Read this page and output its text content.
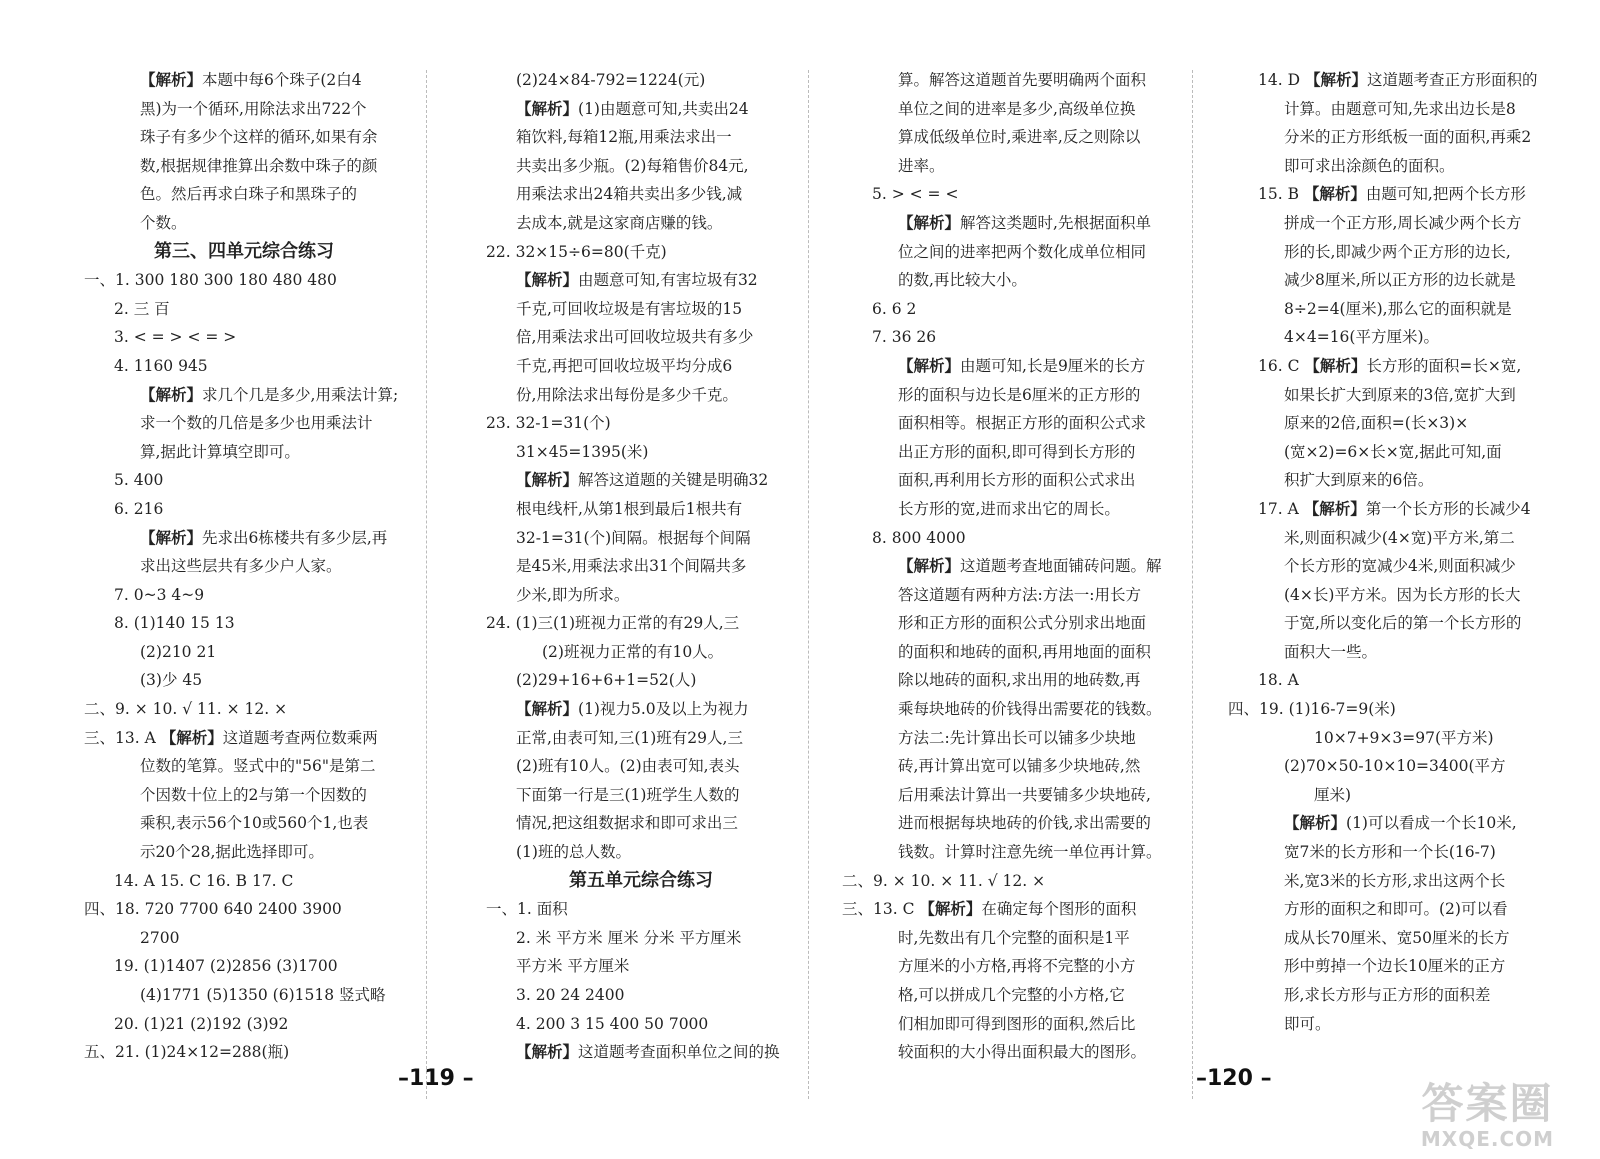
【解析】本题中每6个珠子(2白4
黑)为一个循环,用除法求出722个
珠子有多少个这样的循环,如果有余
数,根据规律推算出余数中珠子的颜
色。然后再求白珠子和黑珠子的
个数。
第三、四单元综合练习
一、1. 300 180 300 180 480 480
2. 三 百
3. < = > < = >
4. 1160 945
【解析】求几个几是多少,用乘法计算;
求一个数的几倍是多少也用乘法计
算,据此计算填空即可。
5. 400
6. 216
【解析】先求出6栋楼共有多少层,再
求出这些层共有多少户人家。
7. 0~3 4~9
8. (1)140 15 13
(2)210 21
(3)少 45
二、9. × 10. √ 11. × 12. ×
三、13. A 【解析】这道题考查两位数乘两
位数的笔算。竖式中的"56"是第二
个因数十位上的2与第一个因数的
乘积,表示56个10或560个1,也表
示20个28,据此选择即可。
14. A 15. C 16. B 17. C
四、18. 720 7700 640 2400 3900
2700
19. (1)1407 (2)2856 (3)1700
(4)1771 (5)1350 (6)1518 竖式略
20. (1)21 (2)192 (3)92
五、21. (1)24×12=288(瓶)
(2)24×84-792=1224(元)
【解析】(1)由题意可知,共卖出24
箱饮料,每箱12瓶,用乘法求出一
共卖出多少瓶。(2)每箱售价84元,
用乘法求出24箱共卖出多少钱,减
去成本,就是这家商店赚的钱。
22. 32×15÷6=80(千克)
【解析】由题意可知,有害垃圾有32
千克,可回收垃圾是有害垃圾的15
倍,用乘法求出可回收垃圾共有多少
千克,再把可回收垃圾平均分成6
份,用除法求出每份是多少千克。
23. 32-1=31(个)
31×45=1395(米)
【解析】解答这道题的关键是明确32
根电线杆,从第1根到最后1根共有
32-1=31(个)间隔。根据每个间隔
是45米,用乘法求出31个间隔共多
少米,即为所求。
24. (1)三(1)班视力正常的有29人,三
(2)班视力正常的有10人。
(2)29+16+6+1=52(人)
【解析】(1)视力5.0及以上为视力
正常,由表可知,三(1)班有29人,三
(2)班有10人。(2)由表可知,表头
下面第一行是三(1)班学生人数的
情况,把这组数据求和即可求出三
(1)班的总人数。
第五单元综合练习
一、1. 面积
2. 米 平方米 厘米 分米 平方厘米
平方米 平方厘米
3. 20 24 2400
4. 200 3 15 400 50 7000
【解析】这道题考查面积单位之间的换
算。解答这道题首先要明确两个面积
单位之间的进率是多少,高级单位换
算成低级单位时,乘进率,反之则除以
进率。
5. > < = <
【解析】解答这类题时,先根据面积单
位之间的进率把两个数化成单位相同
的数,再比较大小。
6. 6 2
7. 36 26
【解析】由题可知,长是9厘米的长方
形的面积与边长是6厘米的正方形的
面积相等。根据正方形的面积公式求
出正方形的面积,即可得到长方形的
面积,再利用长方形的面积公式求出
长方形的宽,进而求出它的周长。
8. 800 4000
【解析】这道题考查地面铺砖问题。解
答这道题有两种方法:方法一:用长方
形和正方形的面积公式分别求出地面
的面积和地砖的面积,再用地面的面积
除以地砖的面积,求出用的地砖数,再
乘每块地砖的价钱得出需要花的钱数。
方法二:先计算出长可以铺多少块地
砖,再计算出宽可以铺多少块地砖,然
后用乘法计算出一共要铺多少块地砖,
进而根据每块地砖的价钱,求出需要的
钱数。计算时注意先统一单位再计算。
二、9. × 10. × 11. √ 12. ×
三、13. C 【解析】在确定每个图形的面积
时,先数出有几个完整的面积是1平
方厘米的小方格,再将不完整的小方
格,可以拼成几个完整的小方格,它
们相加即可得到图形的面积,然后比
较面积的大小得出面积最大的图形。
14. D 【解析】这道题考查正方形面积的
计算。由题意可知,先求出边长是8
分米的正方形纸板一面的面积,再乘2
即可求出涂颜色的面积。
15. B 【解析】由题可知,把两个长方形
拼成一个正方形,周长减少两个长方
形的长,即减少两个正方形的边长,
减少8厘米,所以正方形的边长就是
8÷2=4(厘米),那么它的面积就是
4×4=16(平方厘米)。
16. C 【解析】长方形的面积=长×宽,
如果长扩大到原来的3倍,宽扩大到
原来的2倍,面积=(长×3)×
(宽×2)=6×长×宽,据此可知,面
积扩大到原来的6倍。
17. A 【解析】第一个长方形的长减少4
米,则面积减少(4×宽)平方米,第二
个长方形的宽减少4米,则面积减少
(4×长)平方米。因为长方形的长大
于宽,所以变化后的第一个长方形的
面积大一些。
18. A
四、19. (1)16-7=9(米)
10×7+9×3=97(平方米)
(2)70×50-10×10=3400(平方
厘米)
【解析】(1)可以看成一个长10米,
宽7米的长方形和一个长(16-7)
米,宽3米的长方形,求出这两个长
方形的面积之和即可。(2)可以看
成从长70厘米、宽50厘米的长方
形中剪掉一个边长10厘米的正方
形,求长方形与正方形的面积差
即可。
–119 –	–120 –
答案圈
MXQE.COM
